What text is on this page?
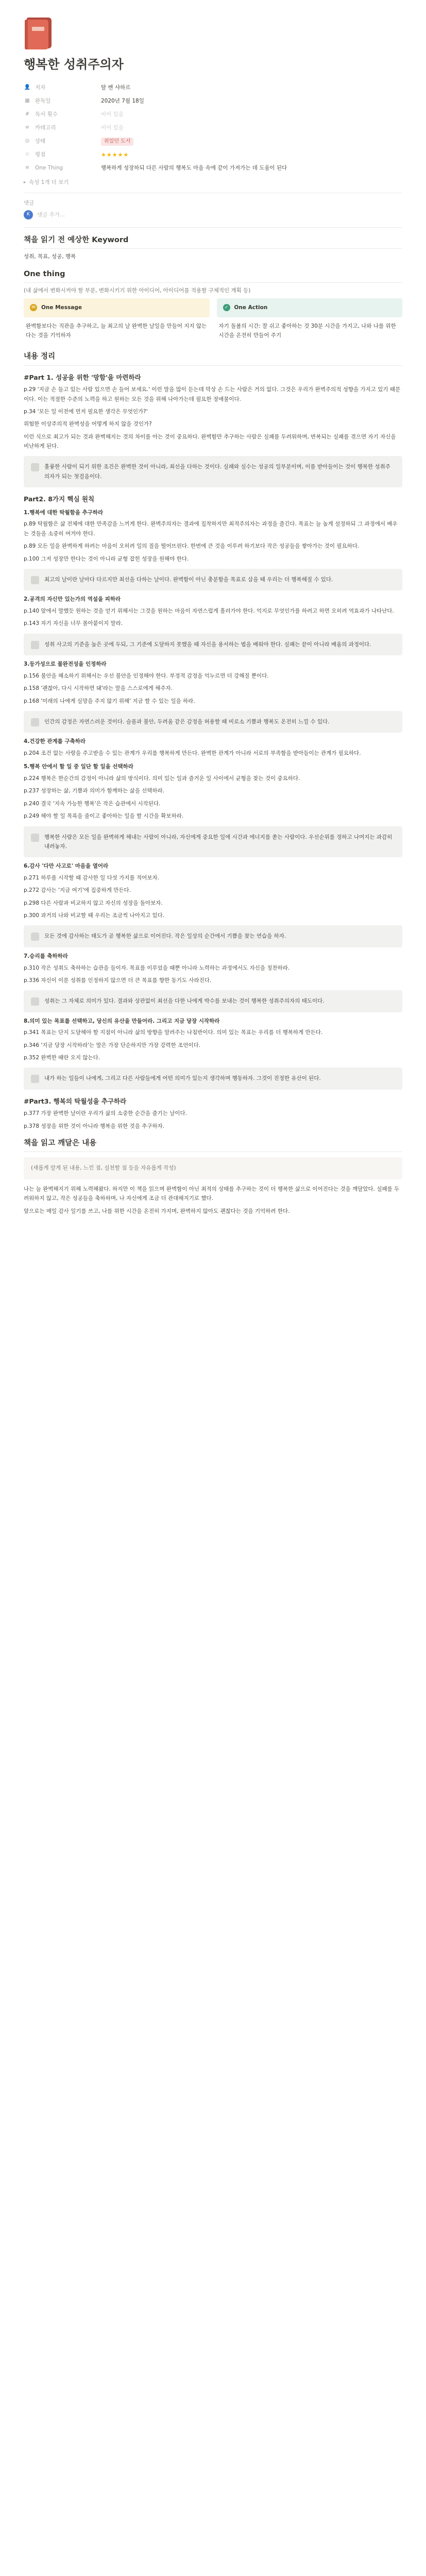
행복한 성취주의자
👤 저자	탈 벤 샤하르
▦ 완독일	2020년 7월 18일
# 독서 횟수	비어 있음
≡ 카테고리	비어 있음
◎ 상태	위었던 도서
☆ 평점	★★★★★
≡ One Thing	행복하게 성장하되 다른 사람의 행복도 마음 속에 같이 가져가는 데 도움이 된다
▸ 속성 1개 더 보기
댓글
K	댓글 추가...
책을 읽기 전 예상한 Keyword
성취, 목표, 성공, 행복
One thing
(내 삶에서 변화시켜야 할 부분, 변화시키기 위한 아이디어, 아이디어를 적용할 구체적인 계획 등)
✉	One Message
완벽함보다는 직관을 추구하고, 늘 최고의 날 완벽한 날일을 만들어 지지 않는다는 것을 기억하자
✓	One Action
자기 돌봄의 시간: 잘 쉬고 좋아하는 것 30분 시간을 가지고, 나와 나를 위한 시간을 온전히 만들어 주기
내용 정리
#Part 1. 성공을 위한 '망함'을 마련하라
p.29 '지금 손 들고 있는 사람 있으면 손 들어 보세요.' 이런 말을 많이 듣는데 막상 손 드는 사람은 거의 없다. 그것은 우리가 완벽주의적 성향을 가지고 있기 때문이다. 이는 적절한 수준의 노력을 하고 원하는 모든 것을 위해 나아가는데 필요한 장애물이다.
p.34 '모든 일 이전에 먼저 필요한 생각은 무엇인가?'
위험한 이상주의적 완벽성을 어떻게 하지 않을 것인가?
이런 식으로 최고가 되는 것과 완벽해지는 것의 차이를 아는 것이 중요하다. 완벽함만 추구하는 사람은 실패를 두려워하며, 반복되는 실패를 겪으면 자기 자신을 비난하게 된다.
훌륭한 사람이 되기 위한 조건은 완벽한 것이 아니라, 최선을 다하는 것이다. 실패와 실수는 성공의 일부분이며, 이를 받아들이는 것이 행복한 성취주의자가 되는 첫걸음이다.
Part2. 8가지 핵심 원칙
1.행복에 대한 탁월함을 추구하라
p.89 탁월함은 삶 전체에 대한 만족감을 느끼게 한다. 완벽주의자는 결과에 집착하지만 최적주의자는 과정을 즐긴다. 목표는 늘 높게 설정하되 그 과정에서 배우는 것들을 소중히 여겨야 한다.
p.89 모든 일을 완벽하게 하려는 마음이 오히려 일의 질을 떨어뜨린다. 한번에 큰 것을 이루려 하기보다 작은 성공들을 쌓아가는 것이 필요하다.
p.100 그저 성장만 한다는 것이 아니라 균형 잡힌 성장을 원해야 한다.
최고의 날이란 날마다 다르지만 최선을 다하는 날이다. 완벽함이 아닌 충분함을 목표로 삼을 때 우리는 더 행복해질 수 있다.
2.공격의 자신만 있는가의 역설을 피하라
p.140 앞에서 말했듯 원하는 것을 얻기 위해서는 그것을 원하는 마음이 자연스럽게 흘러가야 한다. 억지로 무엇인가를 하려고 하면 오히려 역효과가 나타난다.
p.143 자기 자신을 너무 몰아붙이지 말라.
성취 사고의 기준을 높은 곳에 두되, 그 기준에 도달하지 못했을 때 자신을 용서하는 법을 배워야 한다. 실패는 끝이 아니라 배움의 과정이다.
3.등가성으로 불완전성을 인정하라
p.156 불안을 해소하기 위해서는 우선 불안을 인정해야 한다. 부정적 감정을 억누르면 더 강해질 뿐이다.
p.158 '괜찮아, 다시 시작하면 돼'라는 말을 스스로에게 해주자.
p.168 '미래의 나에게 실망을 주지 않기 위해' 지금 할 수 있는 일을 하라.
인간의 감정은 자연스러운 것이다. 슬픔과 불안, 두려움 같은 감정을 허용할 때 비로소 기쁨과 행복도 온전히 느낄 수 있다.
4.건강한 관계를 구축하라
p.204 조건 없는 사랑을 주고받을 수 있는 관계가 우리를 행복하게 만든다. 완벽한 관계가 아니라 서로의 부족함을 받아들이는 관계가 필요하다.
5.행복 안에서 할 일 중 일단 할 일을 선택하라
p.224 행복은 한순간의 감정이 아니라 삶의 방식이다. 의미 있는 일과 즐거운 일 사이에서 균형을 찾는 것이 중요하다.
p.237 성장하는 삶, 기쁨과 의미가 함께하는 삶을 선택하라.
p.240 결국 '지속 가능한 행복'은 작은 습관에서 시작된다.
p.249 해야 할 일 목록을 줄이고 좋아하는 일을 할 시간을 확보하라.
행복한 사람은 모든 일을 완벽하게 해내는 사람이 아니라, 자신에게 중요한 일에 시간과 에너지를 쏟는 사람이다. 우선순위를 정하고 나머지는 과감히 내려놓자.
6.감사 '다만 사고로' 마음을 열어라
p.271 하루를 시작할 때 감사한 일 다섯 가지를 적어보자.
p.272 감사는 '지금 여기'에 집중하게 만든다.
p.298 다른 사람과 비교하지 않고 자신의 성장을 돌아보자.
p.300 과거의 나와 비교할 때 우리는 조금씩 나아지고 있다.
모든 것에 감사하는 태도가 곧 행복한 삶으로 이어진다. 작은 일상의 순간에서 기쁨을 찾는 연습을 하자.
7.승리를 축하하라
p.310 작은 성취도 축하하는 습관을 들이자. 목표를 이루었을 때뿐 아니라 노력하는 과정에서도 자신을 칭찬하라.
p.336 자신이 이룬 성취를 인정하지 않으면 더 큰 목표를 향한 동기도 사라진다.
성취는 그 자체로 의미가 있다. 결과와 상관없이 최선을 다한 나에게 박수를 보내는 것이 행복한 성취주의자의 태도이다.
8.의미 있는 목표를 선택하고, 당신의 유산을 만들어라. 그리고 지금 당장 시작하라
p.341 목표는 단지 도달해야 할 지점이 아니라 삶의 방향을 알려주는 나침반이다. 의미 있는 목표는 우리를 더 행복하게 만든다.
p.346 '지금 당장 시작하라'는 말은 가장 단순하지만 가장 강력한 조언이다.
p.352 완벽한 때란 오지 않는다.
내가 하는 일들이 나에게, 그리고 다른 사람들에게 어떤 의미가 있는지 생각하며 행동하자. 그것이 진정한 유산이 된다.
#Part3. 행복의 탁월성을 추구하라
p.377 가장 완벽한 날이란 우리가 삶의 소중한 순간을 즐기는 날이다.
p.378 성장을 위한 것이 아니라 행복을 위한 것을 추구하자.
책을 읽고 깨달은 내용
(새롭게 알게 된 내용, 느낀 점, 실천할 점 등을 자유롭게 작성)
나는 늘 완벽해지기 위해 노력해왔다. 하지만 이 책을 읽으며 완벽함이 아닌 최적의 상태를 추구하는 것이 더 행복한 삶으로 이어진다는 것을 깨달았다. 실패를 두려워하지 않고, 작은 성공들을 축하하며, 나 자신에게 조금 더 관대해지기로 했다.
앞으로는 매일 감사 일기를 쓰고, 나를 위한 시간을 온전히 가지며, 완벽하지 않아도 괜찮다는 것을 기억하려 한다.
